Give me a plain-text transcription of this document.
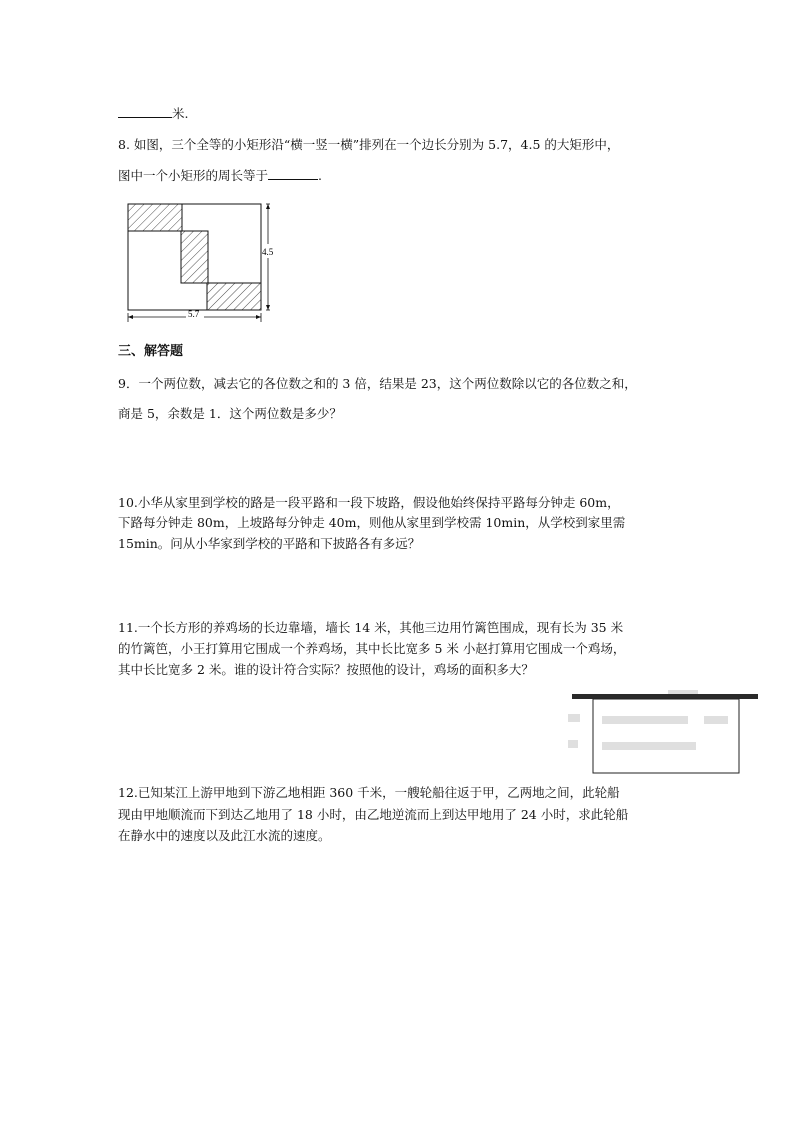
米.
8. 如图，三个全等的小矩形沿“横一竖一横”排列在一个边长分别为 5.7，4.5 的大矩形中，
图中一个小矩形的周长等于	.
4.5
5.7
三、解答题
9．一个两位数，减去它的各位数之和的 3 倍，结果是 23，这个两位数除以它的各位数之和，
商是 5，余数是 1．这个两位数是多少？
10.小华从家里到学校的路是一段平路和一段下坡路，假设他始终保持平路每分钟走 60m，
下路每分钟走 80m，上坡路每分钟走 40m，则他从家里到学校需 10min，从学校到家里需
15min。问从小华家到学校的平路和下披路各有多远？
11.一个长方形的养鸡场的长边靠墙，墙长 14 米，其他三边用竹篱笆围成，现有长为 35 米
的竹篱笆，小王打算用它围成一个养鸡场，其中长比宽多 5 米 小赵打算用它围成一个鸡场，
其中长比宽多 2 米。谁的设计符合实际？按照他的设计，鸡场的面积多大？
12.已知某江上游甲地到下游乙地相距 360 千米，一艘轮船往返于甲，乙两地之间，此轮船
现由甲地顺流而下到达乙地用了 18 小时，由乙地逆流而上到达甲地用了 24 小时，求此轮船
在静水中的速度以及此江水流的速度。
